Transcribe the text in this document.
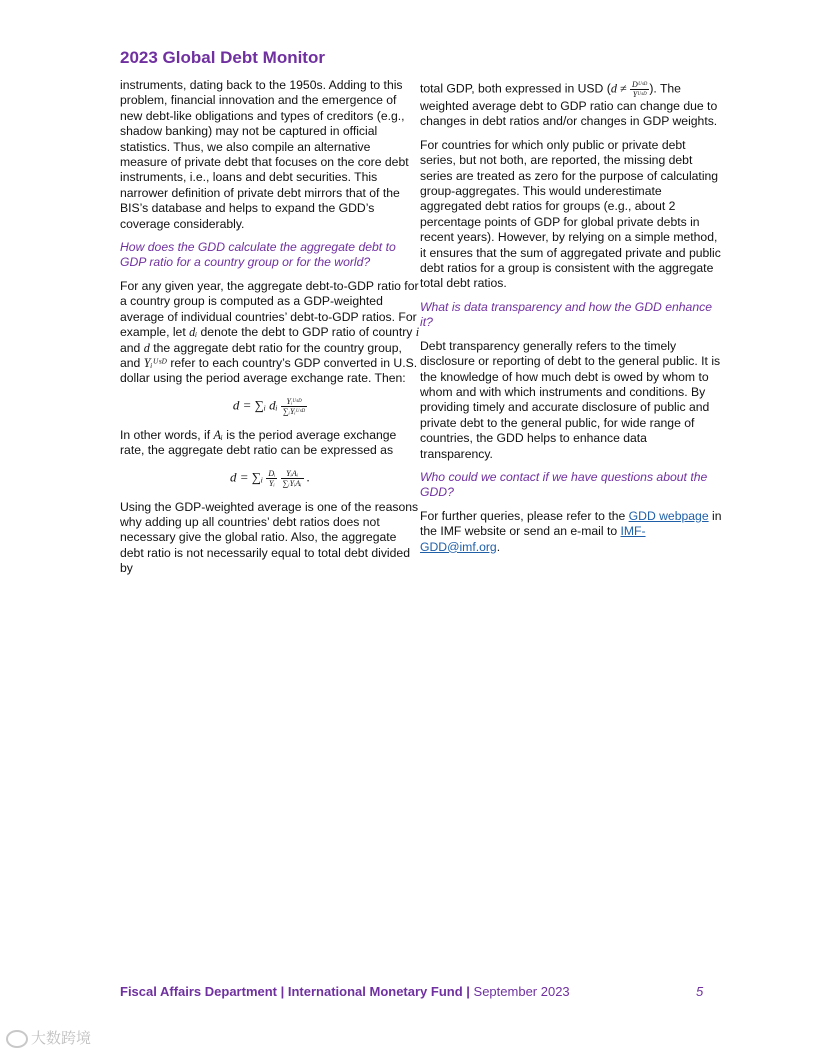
2023 Global Debt Monitor

instruments, dating back to the 1950s. Adding to this problem, financial innovation and the emergence of new debt-like obligations and types of creditors (e.g., shadow banking) may not be captured in official statistics. Thus, we also compile an alternative measure of private debt that focuses on the core debt instruments, i.e., loans and debt securities. This narrower definition of private debt mirrors that of the BIS’s database and helps to expand the GDD’s coverage considerably.

How does the GDD calculate the aggregate debt to GDP ratio for a country group or for the world?

For any given year, the aggregate debt-to-GDP ratio for a country group is computed as a GDP-weighted average of individual countries’ debt-to-GDP ratios. For example, let dᵢ denote the debt to GDP ratio of country i and d the aggregate debt ratio for the country group, and Yᵢᵁˢᴰ refer to each country’s GDP converted in U.S. dollar using the period average exchange rate. Then:

d = ∑ᵢ dᵢ $\frac{\text{Yᵢᵁˢᴰ}}{\text{∑ᵢYᵢᵁˢᴰ}}$

In other words, if Aᵢ is the period average exchange rate, the aggregate debt ratio can be expressed as

d = ∑ᵢ $\frac{\text{Dᵢ}}{\text{Yᵢ}}$
$\frac{\text{YᵢAᵢ}}{\text{∑ᵢYᵢAᵢ}}$ .

Using the GDP-weighted average is one of the reasons why adding up all countries’ debt ratios does not necessary give the global ratio. Also, the aggregate debt ratio is not necessarily equal to total debt divided by

total GDP, both expressed in USD ($d \ne \frac{\text{Dᵁˢᴰ}}{\text{Yᵁˢᴰ}}$ ). The weighted average debt to GDP ratio can change due to changes in debt ratios and/or changes in GDP weights.

For countries for which only public or private debt series, but not both, are reported, the missing debt series are treated as zero for the purpose of calculating group-aggregates. This would underestimate aggregated debt ratios for groups (e.g., about 2 percentage points of GDP for global private debts in recent years). However, by relying on a simple method, it ensures that the sum of aggregated private and public debt ratios for a group is consistent with the aggregate total debt ratios.

What is data transparency and how the GDD enhance it?

Debt transparency generally refers to the timely disclosure or reporting of debt to the general public. It is the knowledge of how much debt is owed by whom to whom and with which instruments and conditions. By providing timely and accurate disclosure of public and private debt to the general public, for wide range of countries, the GDD helps to enhance data transparency.

Who could we contact if we have questions about the GDD?

For further queries, please refer to the GDD webpage in the IMF website or send an e-mail to IMF-GDD@imf.org.

Fiscal Affairs Department | International Monetary Fund | September 2023	5
大数跨境
